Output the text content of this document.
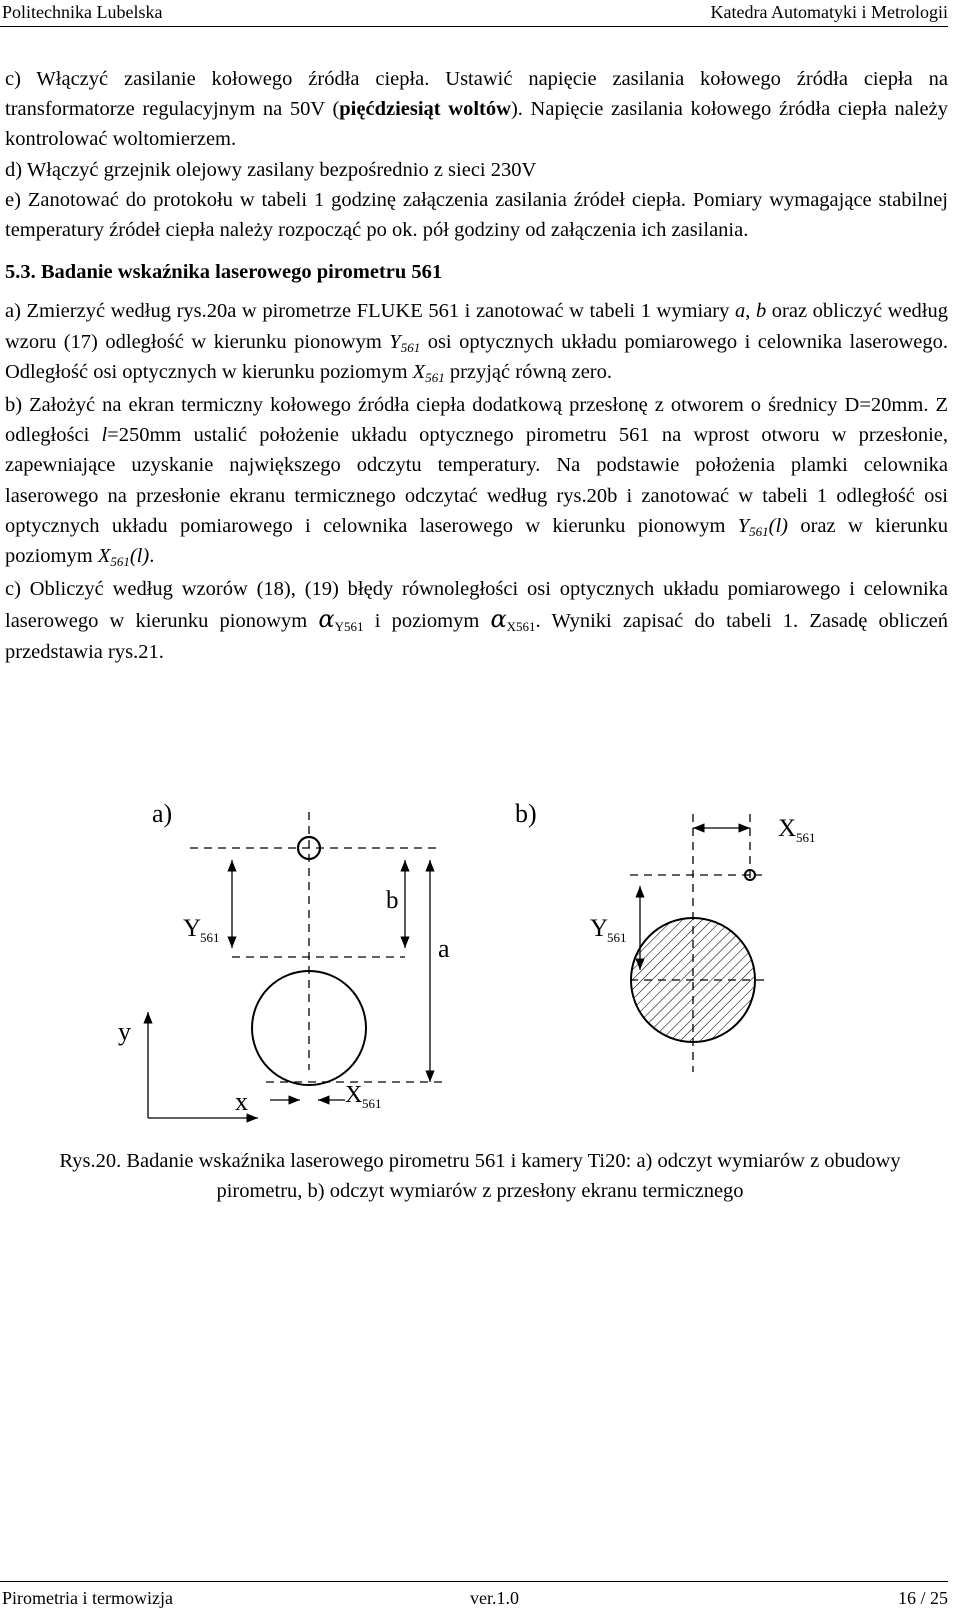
Politechnika Lubelska	Katedra Automatyki i Metrologii

c) Włączyć zasilanie kołowego źródła ciepła. Ustawić napięcie zasilania kołowego źródła ciepła na transformatorze regulacyjnym na 50V (pięćdziesiąt woltów). Napięcie zasilania kołowego źródła ciepła należy kontrolować woltomierzem.

d) Włączyć grzejnik olejowy zasilany bezpośrednio z sieci 230V

e) Zanotować do protokołu w tabeli 1 godzinę załączenia zasilania źródeł ciepła. Pomiary wymagające stabilnej temperatury źródeł ciepła należy rozpocząć po ok. pół godziny od załączenia ich zasilania.

5.3. Badanie wskaźnika laserowego pirometru 561

a) Zmierzyć według rys.20a w pirometrze FLUKE 561 i zanotować w tabeli 1 wymiary a, b oraz obliczyć według wzoru (17) odległość w kierunku pionowym $Y_{561}$ osi optycznych układu pomiarowego i celownika laserowego. Odległość osi optycznych w kierunku poziomym $X_{561}$ przyjąć równą zero.

b) Założyć na ekran termiczny kołowego źródła ciepła dodatkową przesłonę z otworem o średnicy D=20mm. Z odległości l=250mm ustalić położenie układu optycznego pirometru 561 na wprost otworu w przesłonie, zapewniające uzyskanie największego odczytu temperatury. Na podstawie położenia plamki celownika laserowego na przesłonie ekranu termicznego odczytać według rys.20b i zanotować w tabeli 1 odległość osi optycznych układu pomiarowego i celownika laserowego w kierunku pionowym $Y_{561}(l)$ oraz w kierunku poziomym $X_{561}(l)$.

c) Obliczyć według wzorów (18), (19) błędy równoległości osi optycznych układu pomiarowego i celownika laserowego w kierunku pionowym $\alpha_{Y561}$ i poziomym $\alpha_{X561}$. Wyniki zapisać do tabeli 1. Zasadę obliczeń przedstawia rys.21.

a)
Y
561
b
a
y
x	X 561
b)
X 561
Y
561
Rys.20. Badanie wskaźnika laserowego pirometru 561 i kamery Ti20: a) odczyt wymiarów z obudowy pirometru, b) odczyt wymiarów z przesłony ekranu termicznego
Pirometria i termowizja	ver.1.0	16 / 25
